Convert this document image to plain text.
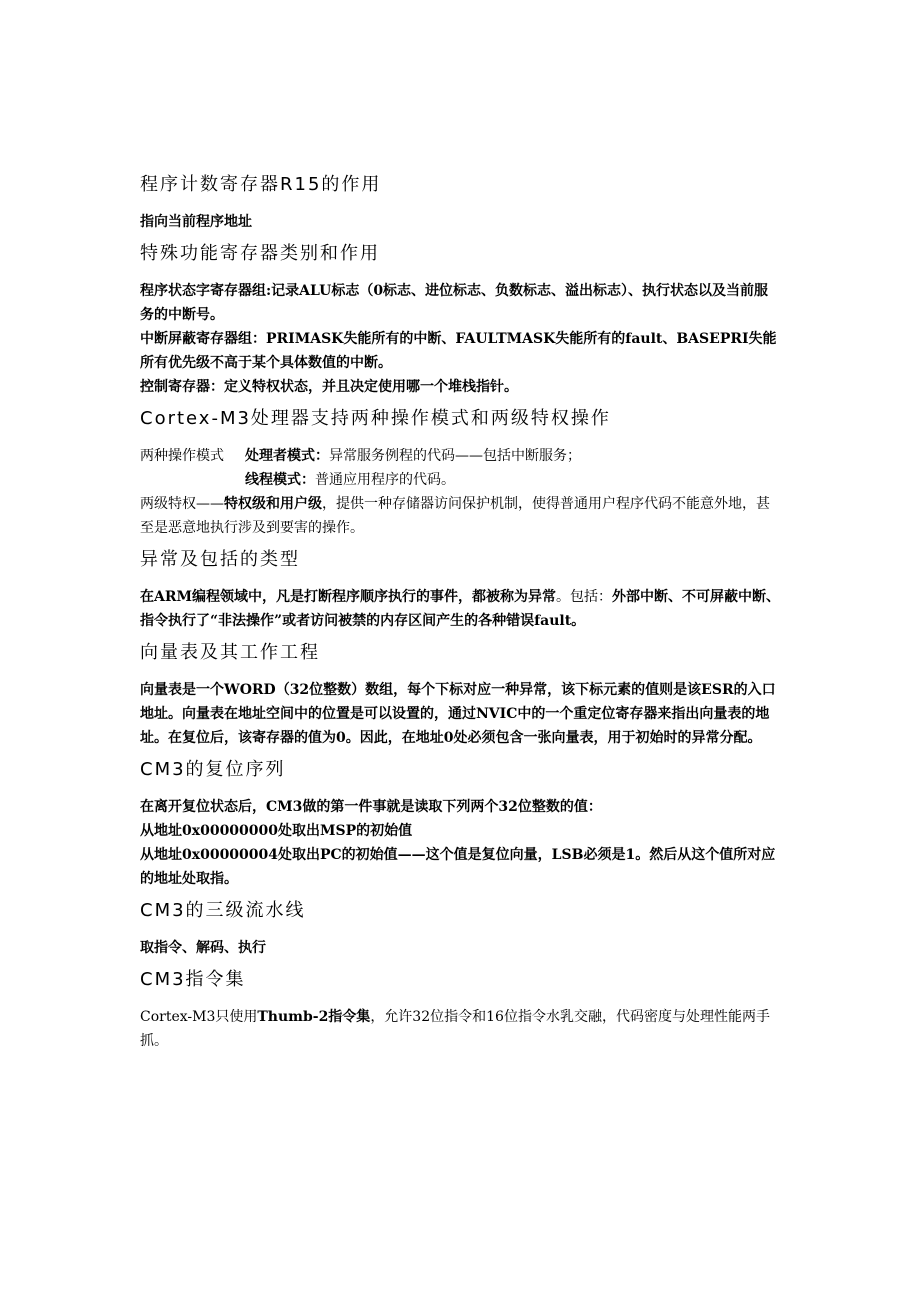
程序计数寄存器R15的作用
指向当前程序地址
特殊功能寄存器类别和作用
程序状态字寄存器组:记录ALU标志（0标志、进位标志、负数标志、溢出标志）、执行状态以及当前服务的中断号。
中断屏蔽寄存器组：PRIMASK失能所有的中断、FAULTMASK失能所有的fault、BASEPRI失能所有优先级不高于某个具体数值的中断。
控制寄存器：定义特权状态，并且决定使用哪一个堆栈指针。
Cortex-M3处理器支持两种操作模式和两级特权操作
两种操作模式 处理者模式：异常服务例程的代码——包括中断服务；
线程模式：普通应用程序的代码。
两级特权——特权级和用户级，提供一种存储器访问保护机制，使得普通用户程序代码不能意外地，甚至是恶意地执行涉及到要害的操作。
异常及包括的类型
在ARM编程领域中，凡是打断程序顺序执行的事件，都被称为异常。包括：外部中断、不可屏蔽中断、指令执行了“非法操作”或者访问被禁的内存区间产生的各种错误fault。
向量表及其工作工程
向量表是一个WORD（32位整数）数组，每个下标对应一种异常，该下标元素的值则是该ESR的入口地址。向量表在地址空间中的位置是可以设置的，通过NVIC中的一个重定位寄存器来指出向量表的地址。在复位后，该寄存器的值为0。因此，在地址0处必须包含一张向量表，用于初始时的异常分配。
CM3的复位序列
在离开复位状态后，CM3做的第一件事就是读取下列两个32位整数的值：
从地址0x00000000处取出MSP的初始值
从地址0x00000004处取出PC的初始值——这个值是复位向量，LSB必须是1。然后从这个值所对应的地址处取指。
CM3的三级流水线
取指令、解码、执行
CM3指令集
Cortex-M3只使用Thumb-2指令集，允许32位指令和16位指令水乳交融，代码密度与处理性能两手抓。
